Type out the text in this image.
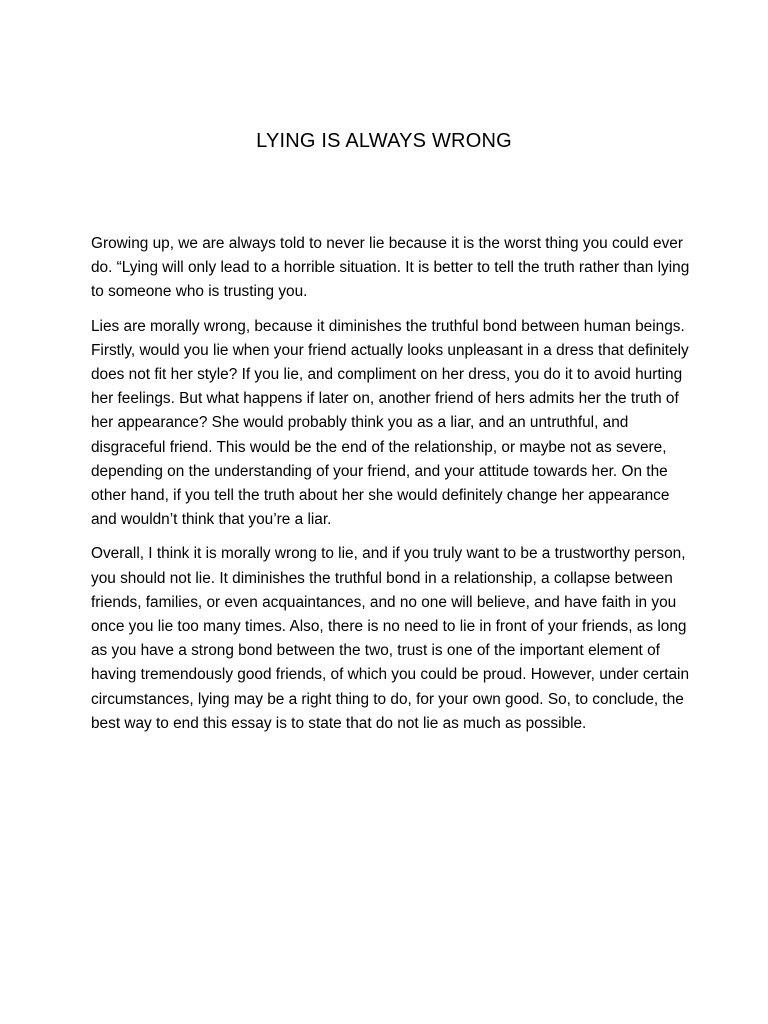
LYING IS ALWAYS WRONG

Growing up, we are always told to never lie because it is the worst thing you could ever do. “Lying will only lead to a horrible situation. It is better to tell the truth rather than lying to someone who is trusting you.

Lies are morally wrong, because it diminishes the truthful bond between human beings. Firstly, would you lie when your friend actually looks unpleasant in a dress that definitely does not fit her style? If you lie, and compliment on her dress, you do it to avoid hurting her feelings. But what happens if later on, another friend of hers admits her the truth of her appearance? She would probably think you as a liar, and an untruthful, and disgraceful friend. This would be the end of the relationship, or maybe not as severe, depending on the understanding of your friend, and your attitude towards her. On the other hand, if you tell the truth about her she would definitely change her appearance and wouldn’t think that you’re a liar.

Overall, I think it is morally wrong to lie, and if you truly want to be a trustworthy person, you should not lie. It diminishes the truthful bond in a relationship, a collapse between friends, families, or even acquaintances, and no one will believe, and have faith in you once you lie too many times. Also, there is no need to lie in front of your friends, as long as you have a strong bond between the two, trust is one of the important element of having tremendously good friends, of which you could be proud. However, under certain circumstances, lying may be a right thing to do, for your own good. So, to conclude, the best way to end this essay is to state that do not lie as much as possible.
